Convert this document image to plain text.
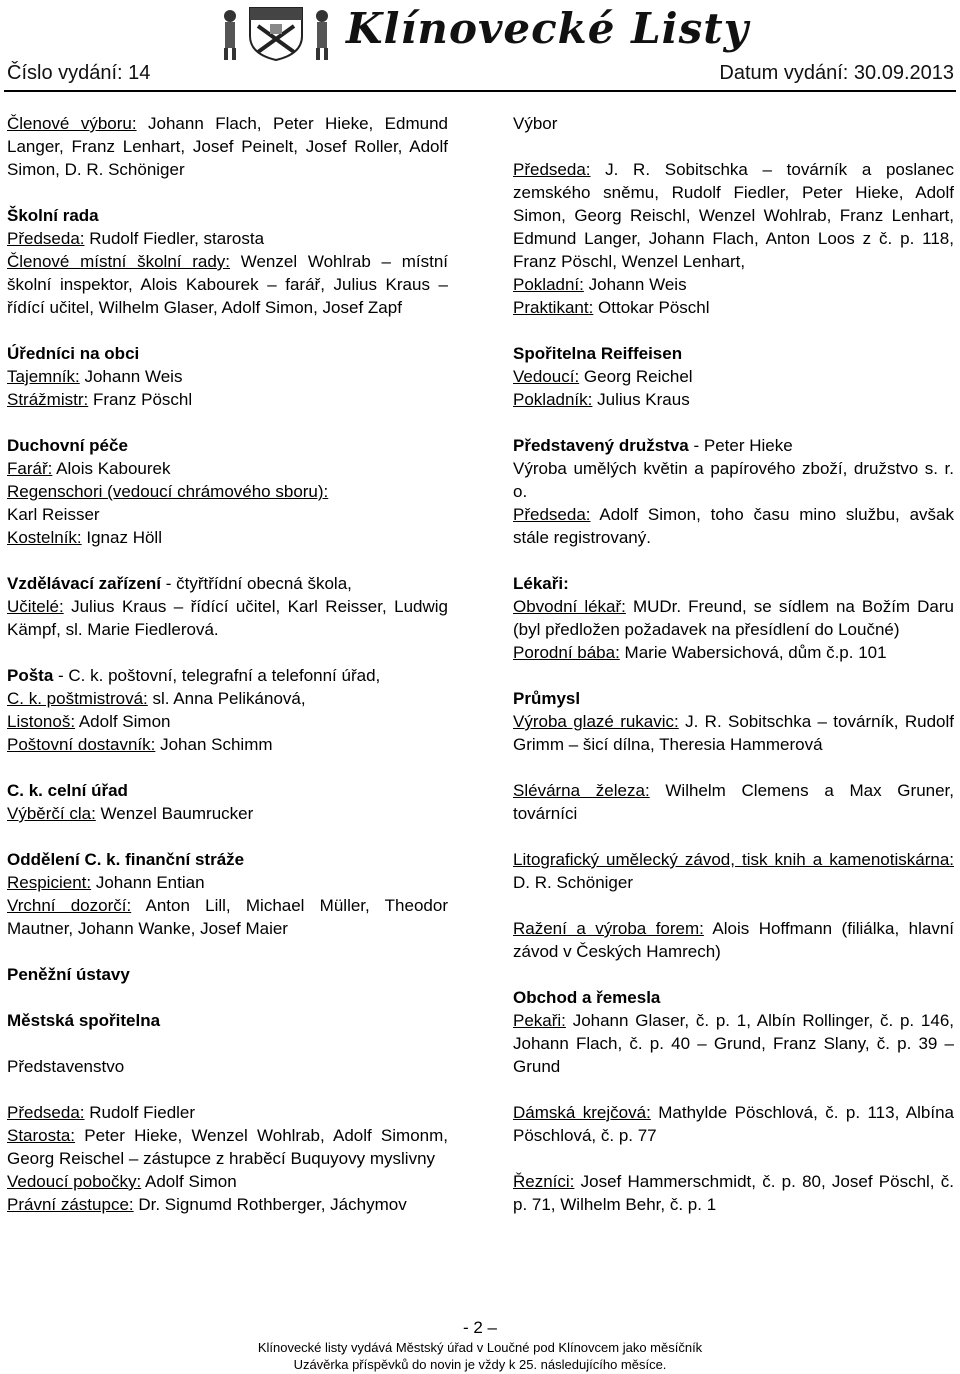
Klínovecké Listy
Číslo vydání: 14	Datum vydání: 30.09.2013

Členové výboru: Johann Flach, Peter Hieke, Edmund Langer, Franz Lenhart, Josef Peinelt, Josef Roller, Adolf Simon, D. R. Schöniger

Školní rada

Předseda: Rudolf Fiedler, starosta

Členové místní školní rady: Wenzel Wohlrab – místní školní inspektor, Alois Kabourek – farář, Julius Kraus – řídící učitel, Wilhelm Glaser, Adolf Simon, Josef Zapf

Úředníci na obci

Tajemník: Johann Weis

Strážmistr: Franz Pöschl

Duchovní péče

Farář: Alois Kabourek

Regenschori (vedoucí chrámového sboru):

Karl Reisser

Kostelník: Ignaz Höll

Vzdělávací zařízení - čtyřtřídní obecná škola,

Učitelé: Julius Kraus – řídící učitel, Karl Reisser, Ludwig Kämpf, sl. Marie Fiedlerová.

Pošta - C. k. poštovní, telegrafní a telefonní úřad,

C. k. poštmistrová: sl. Anna Pelikánová,

Listonoš: Adolf Simon

Poštovní dostavník: Johan Schimm

C. k. celní úřad

Výběrčí cla: Wenzel Baumrucker

Oddělení C. k. finanční stráže

Respicient: Johann Entian

Vrchní dozorčí: Anton Lill, Michael Müller, Theodor Mautner, Johann Wanke, Josef Maier

Peněžní ústavy

Městská spořitelna

Představenstvo

Předseda: Rudolf Fiedler

Starosta: Peter Hieke, Wenzel Wohlrab, Adolf Simonm, Georg Reischel – zástupce z hraběcí Buquyovy myslivny

Vedoucí pobočky: Adolf Simon

Právní zástupce: Dr. Signumd Rothberger, Jáchymov

Výbor

Předseda: J. R. Sobitschka – továrník a poslanec zemského sněmu, Rudolf Fiedler, Peter Hieke, Adolf Simon, Georg Reischl, Wenzel Wohlrab, Franz Lenhart, Edmund Langer, Johann Flach, Anton Loos z č. p. 118, Franz Pöschl, Wenzel Lenhart,

Pokladní: Johann Weis

Praktikant: Ottokar Pöschl

Spořitelna Reiffeisen

Vedoucí: Georg Reichel

Pokladník: Julius Kraus

Představený družstva - Peter Hieke

Výroba umělých květin a papírového zboží, družstvo s. r. o.

Předseda: Adolf Simon, toho času mino službu, avšak stále registrovaný.

Lékaři:

Obvodní lékař: MUDr. Freund, se sídlem na Božím Daru (byl předložen požadavek na přesídlení do Loučné)

Porodní bába: Marie Wabersichová, dům č.p. 101

Průmysl

Výroba glazé rukavic: J. R. Sobitschka – továrník, Rudolf Grimm – šicí dílna, Theresia Hammerová

Slévárna železa: Wilhelm Clemens a Max Gruner, továrníci

Litografický umělecký závod, tisk knih a kamenotiskárna: D. R. Schöniger

Ražení a výroba forem: Alois Hoffmann (filiálka, hlavní závod v Českých Hamrech)

Obchod a řemesla

Pekaři: Johann Glaser, č. p. 1, Albín Rollinger, č. p. 146, Johann Flach, č. p. 40 – Grund, Franz Slany, č. p. 39 – Grund

Dámská krejčová: Mathylde Pöschlová, č. p. 113, Albína Pöschlová, č. p. 77

Řezníci: Josef Hammerschmidt, č. p. 80, Josef Pöschl, č. p. 71, Wilhelm Behr, č. p. 1

- 2 –
Klínovecké listy vydává Městský úřad v Loučné pod Klínovcem jako měsíčník
Uzávěrka příspěvků do novin je vždy k 25. následujícího měsíce.
